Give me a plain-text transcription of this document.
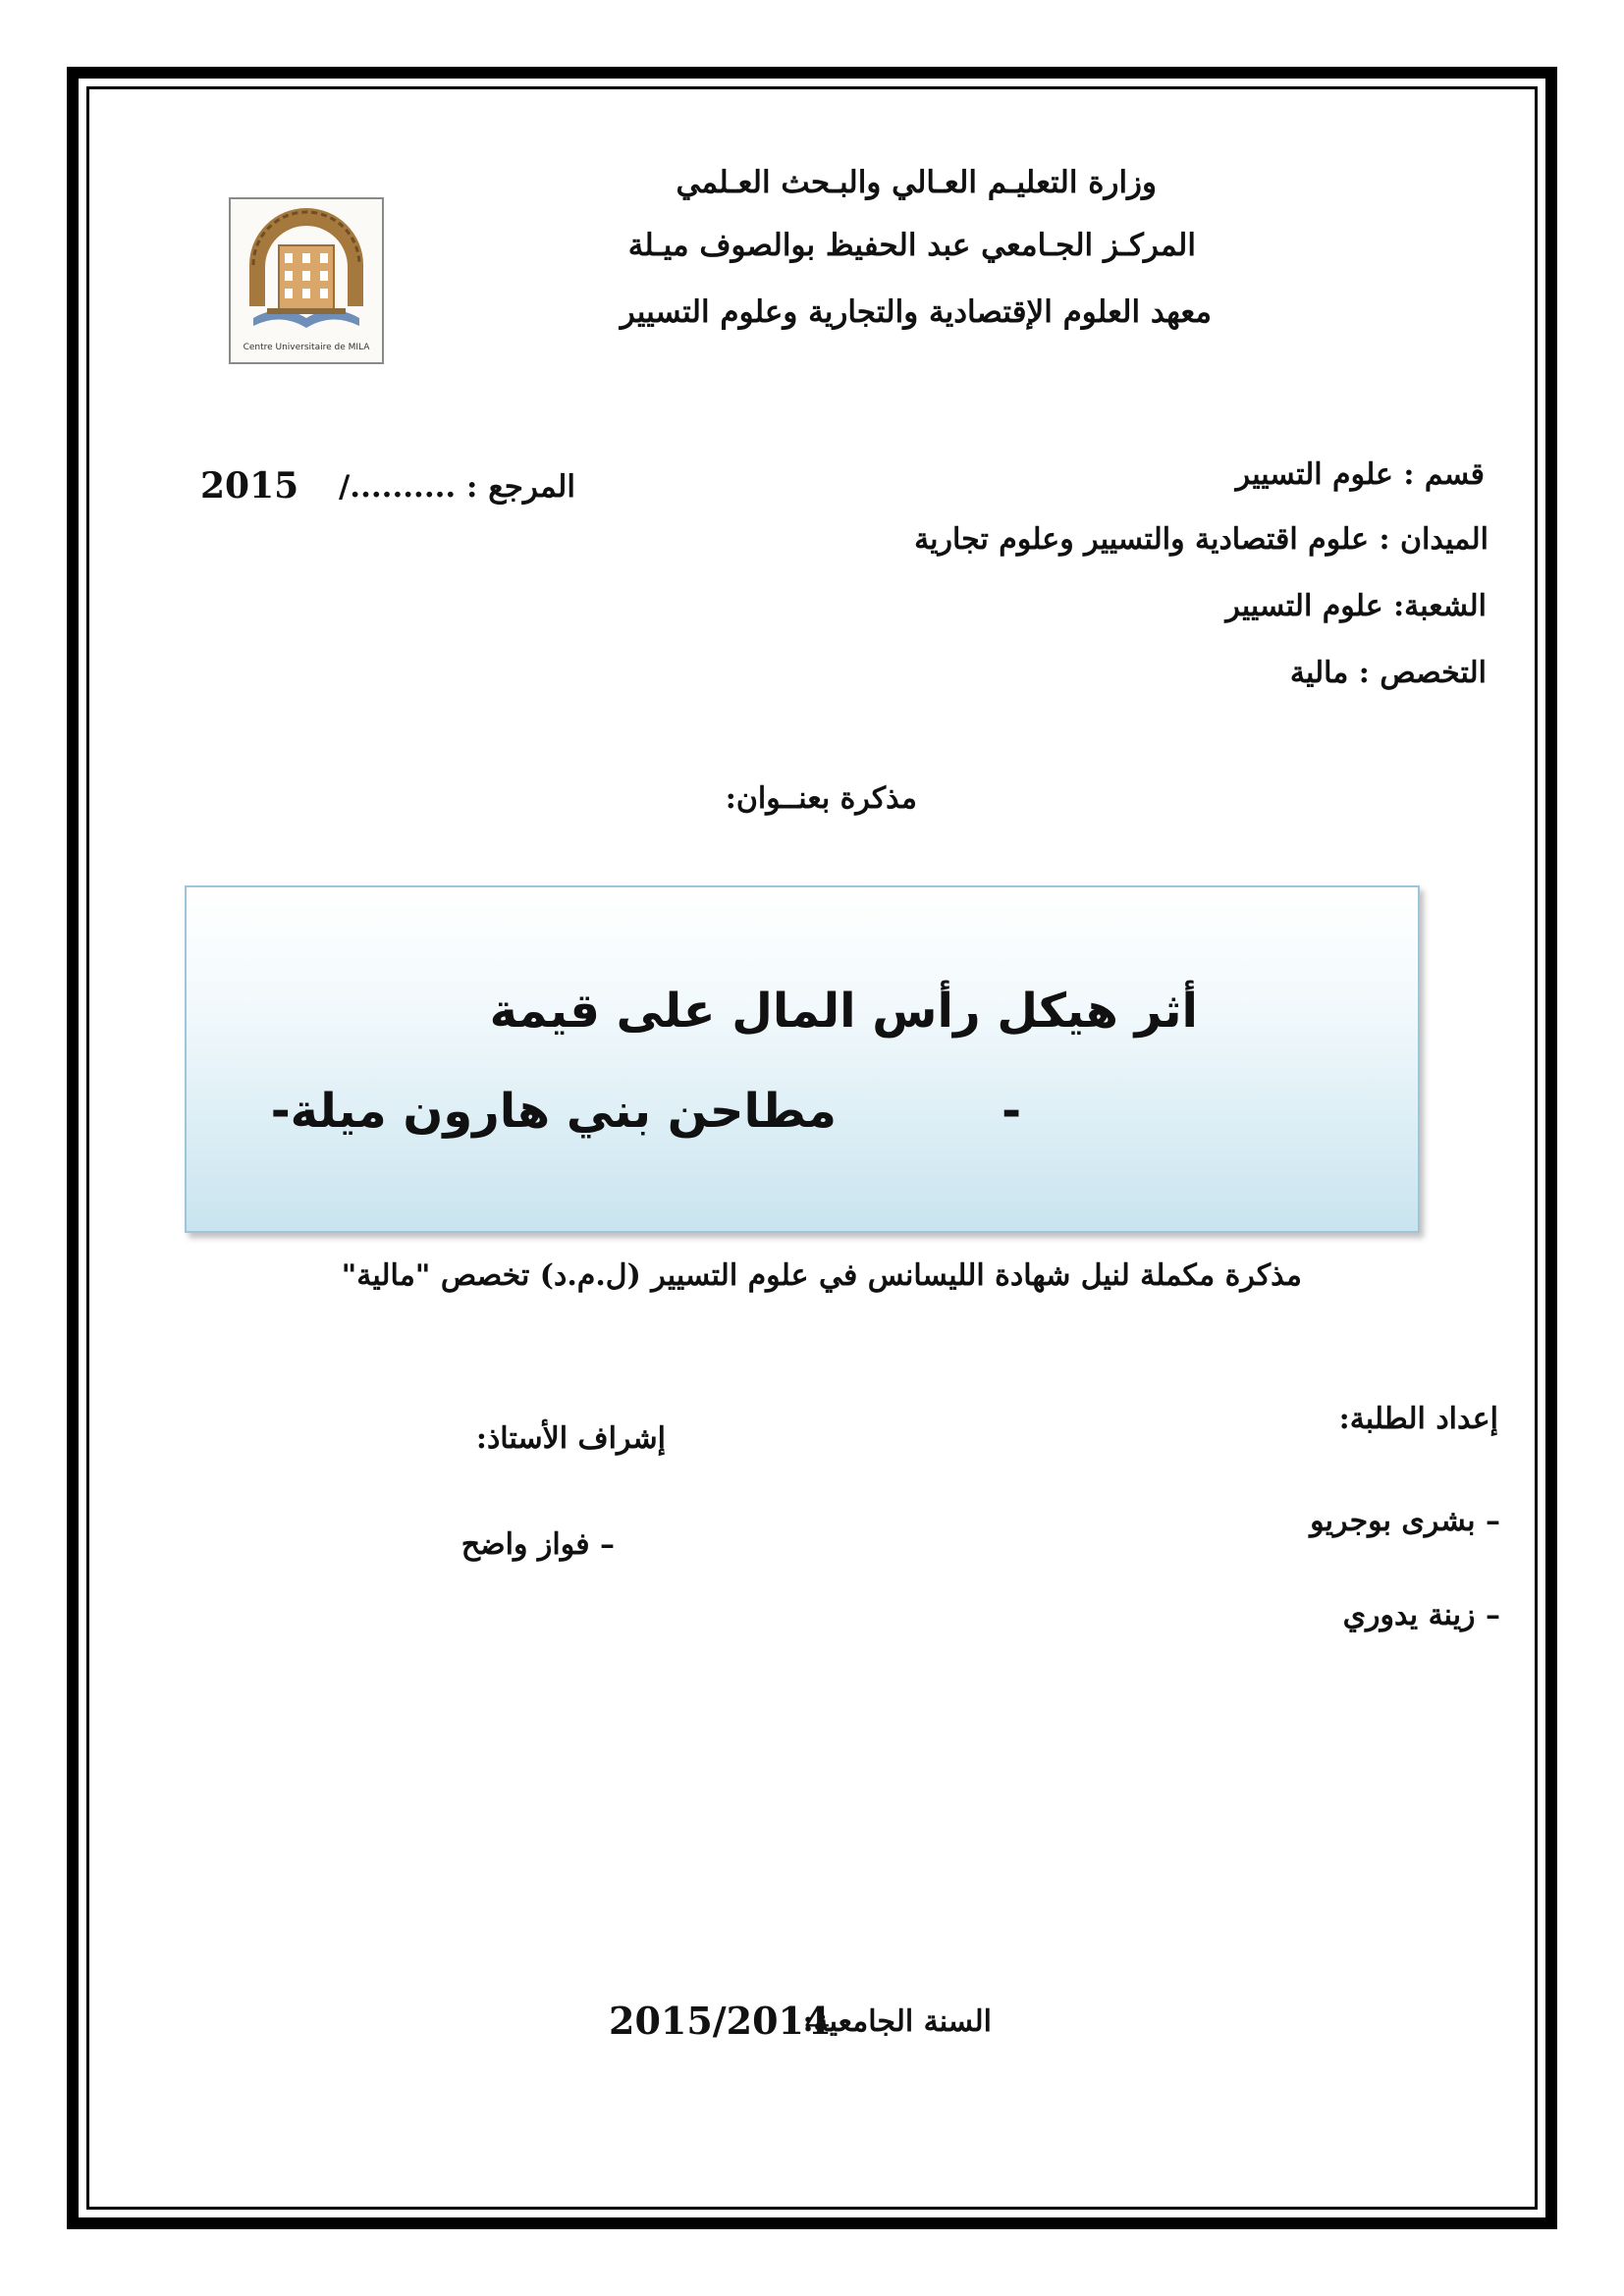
Centre Universitaire de MILA
وزارة التعليـم العـالي والبـحث العـلمي
المركـز الجـامعي عبد الحفيظ بوالصوف ميـلة
معهد العلوم الإقتصادية والتجارية وعلوم التسيير
المرجع : ........../
2015	قسم : علوم التسيير
الميدان : علوم اقتصادية والتسيير وعلوم تجارية
الشعبة: علوم التسيير
التخصص : مالية
مذكرة بعنــوان:
أثر هيكل رأس المال على قيمة
-
مطاحن بني هارون ميلة-
مذكرة مكملة لنيل شهادة الليسانس في علوم التسيير (ل.م.د) تخصص "مالية"
إعداد الطلبة:
– بشرى بوجريو
– زينة يدوري
إشراف الأستاذ:
– فواز واضح
السنة الجامعية:
2015/2014
